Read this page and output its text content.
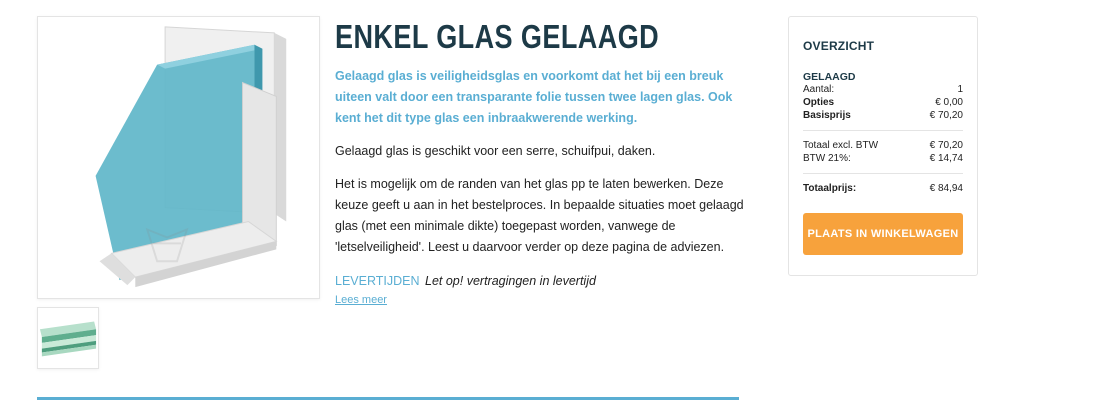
ENKEL GLAS GELAAGD

Gelaagd glas is veiligheidsglas en voorkomt dat het bij een breuk uiteen valt door een transparante folie tussen twee lagen glas. Ook kent het dit type glas een inbraakwerende werking.

Gelaagd glas is geschikt voor een serre, schuifpui, daken.

Het is mogelijk om de randen van het glas pp te laten bewerken. Deze keuze geeft u aan in het bestelproces. In bepaalde situaties moet gelaagd glas (met een minimale dikte) toegepast worden, vanwege de 'letselveiligheid'. Leest u daarvoor verder op deze pagina de adviezen.

LEVERTIJDEN Let op! vertragingen in levertijd
Lees meer
OVERZICHT
GELAAGD
Aantal:	1
Opties	€ 0,00
Basisprijs	€ 70,20
Totaal excl. BTW	€ 70,20
BTW 21%:	€ 14,74
Totaalprijs:	€ 84,94
PLAATS IN WINKELWAGEN
